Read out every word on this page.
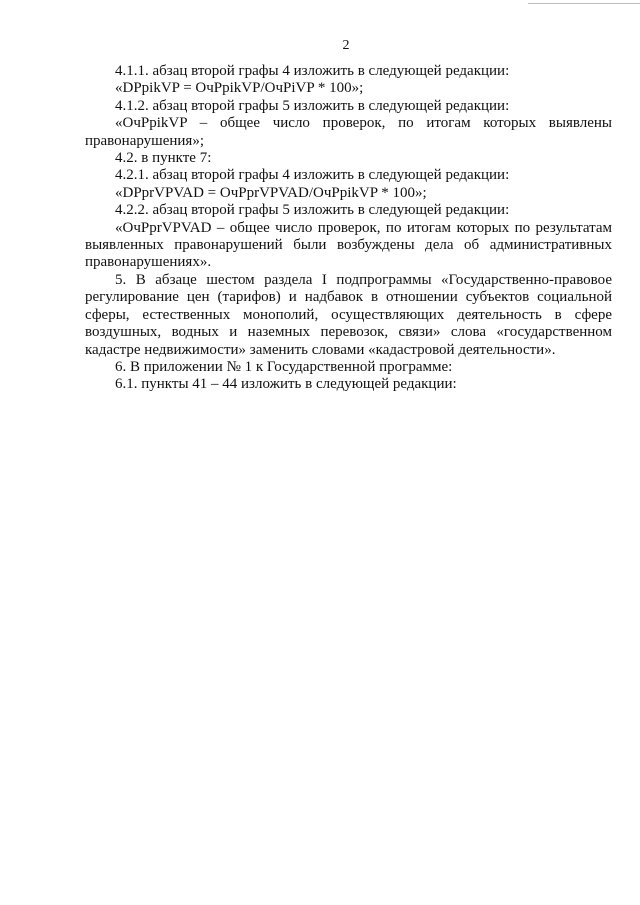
2

4.1.1. абзац второй графы 4 изложить в следующей редакции:

«DPpikVP = ОчPpikVP/ОчPiVP * 100»;

4.1.2. абзац второй графы 5 изложить в следующей редакции:

«ОчPpikVP – общее число проверок, по итогам которых выявлены правонарушения»;

4.2. в пункте 7:

4.2.1. абзац второй графы 4 изложить в следующей редакции:

«DPprVPVAD = ОчPprVPVAD/ОчPpikVP * 100»;

4.2.2. абзац второй графы 5 изложить в следующей редакции:

«ОчPprVPVAD – общее число проверок, по итогам которых по результатам выявленных правонарушений были возбуждены дела об административных правонарушениях».

5. В абзаце шестом раздела I подпрограммы «Государственно-правовое регулирование цен (тарифов) и надбавок в отношении субъектов социальной сферы, естественных монополий, осуществляющих деятельность в сфере воздушных, водных и наземных перевозок, связи» слова «государственном кадастре недвижимости» заменить словами «кадастровой деятельности».

6. В приложении № 1 к Государственной программе:

6.1. пункты 41 – 44 изложить в следующей редакции:
